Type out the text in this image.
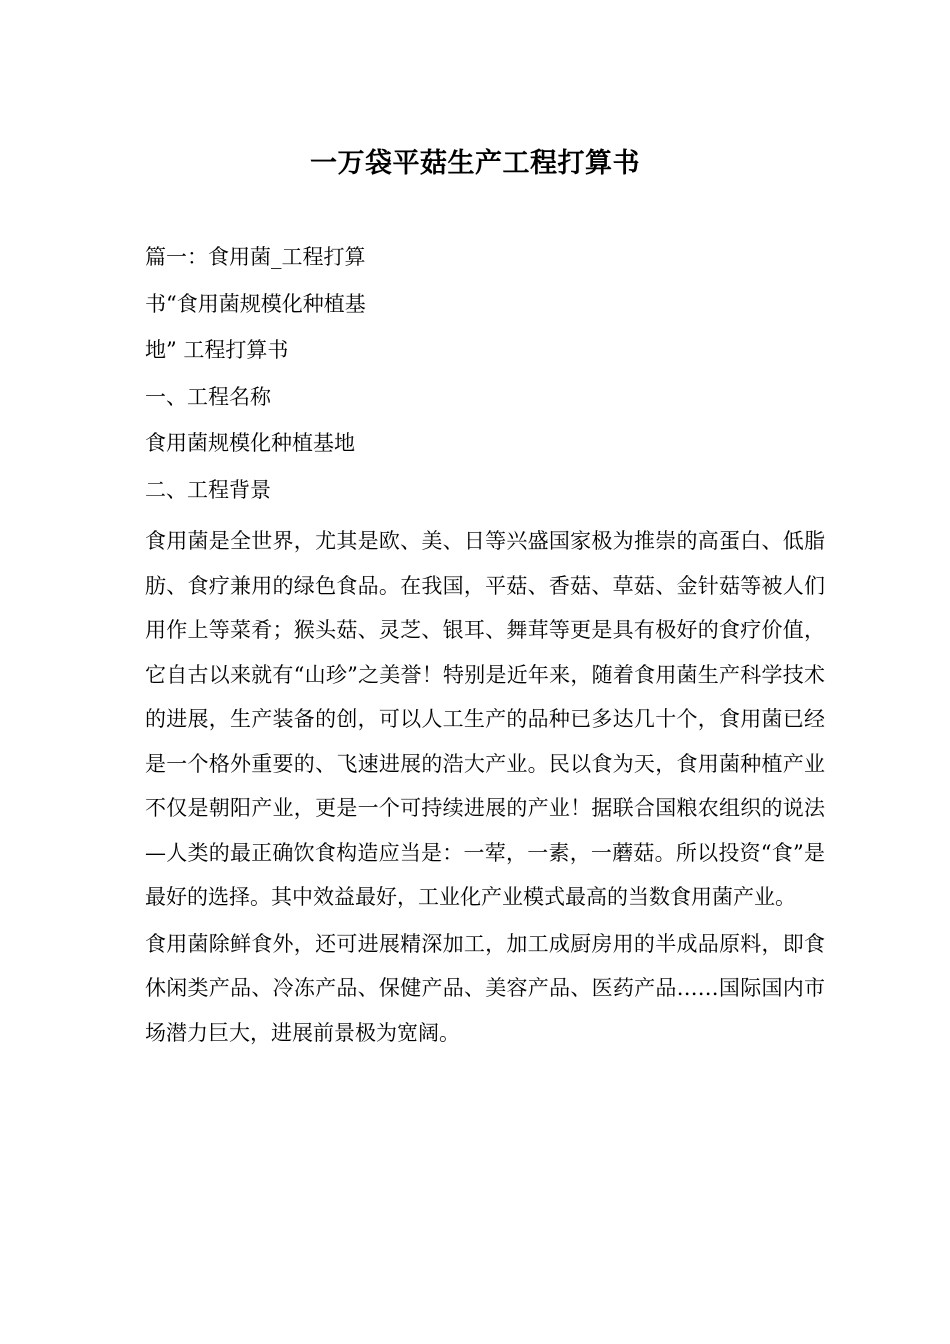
一万袋平菇生产工程打算书
篇一：食用菌_工程打算
书“食用菌规模化种植基
地” 工程打算书
一、工程名称
食用菌规模化种植基地
二、工程背景
食用菌是全世界，尤其是欧、美、日等兴盛国家极为推崇的高蛋白、低脂肪、食疗兼用的绿色食品。在我国，平菇、香菇、草菇、金针菇等被人们用作上等菜肴；猴头菇、灵芝、银耳、舞茸等更是具有极好的食疗价值，它自古以来就有“山珍”之美誉！特别是近年来，随着食用菌生产科学技术的进展，生产装备的创，可以人工生产的品种已多达几十个，食用菌已经是一个格外重要的、飞速进展的浩大产业。民以食为天，食用菌种植产业不仅是朝阳产业，更是一个可持续进展的产业！据联合国粮农组织的说法—人类的最正确饮食构造应当是：一荤，一素，一蘑菇。所以投资“食”是最好的选择。其中效益最好，工业化产业模式最高的当数食用菌产业。
食用菌除鲜食外，还可进展精深加工，加工成厨房用的半成品原料，即食休闲类产品、冷冻产品、保健产品、美容产品、医药产品……国际国内市场潜力巨大，进展前景极为宽阔。
